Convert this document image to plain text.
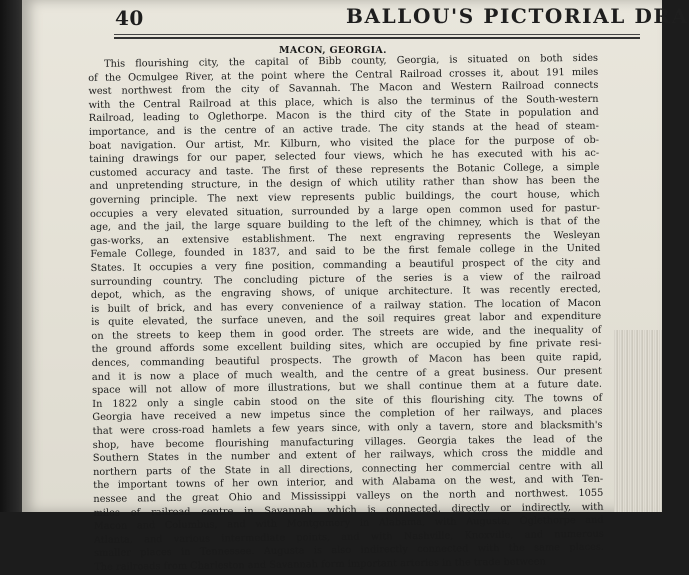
40	BALLOU'S PICTORIAL DRA
MACON, GEORGIA.
This flourishing city, the capital of Bibb county, Georgia, is situated on both sides
of the Ocmulgee River, at the point where the Central Railroad crosses it, about 191 miles
west northwest from the city of Savannah. The Macon and Western Railroad connects
with the Central Railroad at this place, which is also the terminus of the South-western
Railroad, leading to Oglethorpe. Macon is the third city of the State in population and
importance, and is the centre of an active trade. The city stands at the head of steam-
boat navigation. Our artist, Mr. Kilburn, who visited the place for the purpose of ob-
taining drawings for our paper, selected four views, which he has executed with his ac-
customed accuracy and taste. The first of these represents the Botanic College, a simple
and unpretending structure, in the design of which utility rather than show has been the
governing principle. The next view represents public buildings, the court house, which
occupies a very elevated situation, surrounded by a large open common used for pastur-
age, and the jail, the large square building to the left of the chimney, which is that of the
gas-works, an extensive establishment. The next engraving represents the Wesleyan
Female College, founded in 1837, and said to be the first female college in the United
States. It occupies a very fine position, commanding a beautiful prospect of the city and
surrounding country. The concluding picture of the series is a view of the railroad
depot, which, as the engraving shows, of unique architecture. It was recently erected,
is built of brick, and has every convenience of a railway station. The location of Macon
is quite elevated, the surface uneven, and the soil requires great labor and expenditure
on the streets to keep them in good order. The streets are wide, and the inequality of
the ground affords some excellent building sites, which are occupied by fine private resi-
dences, commanding beautiful prospects. The growth of Macon has been quite rapid,
and it is now a place of much wealth, and the centre of a great business. Our present
space will not allow of more illustrations, but we shall continue them at a future date.
In 1822 only a single cabin stood on the site of this flourishing city. The towns of
Georgia have received a new impetus since the completion of her railways, and places
that were cross-road hamlets a few years since, with only a tavern, store and blacksmith's
shop, have become flourishing manufacturing villages. Georgia takes the lead of the
Southern States in the number and extent of her railways, which cross the middle and
northern parts of the State in all directions, connecting her commercial centre with all
the important towns of her own interior, and with Alabama on the west, and with Ten-
nessee and the great Ohio and Mississippi valleys on the north and northwest. 1055
miles of railroad centre in Savannah, which is connected, directly or indirectly, with
Macon and Columbus, and with Montgomery in Alabama, with Augusta, Oglethorpe and
Atlanta, and various intermediate points, and with Nashville, Knoxville, and numerous
smaller places in Tennessee. Augusta is also indirectly connected with the same places.
The railroads from Charleston and Savannah form important arteries in the trade between
